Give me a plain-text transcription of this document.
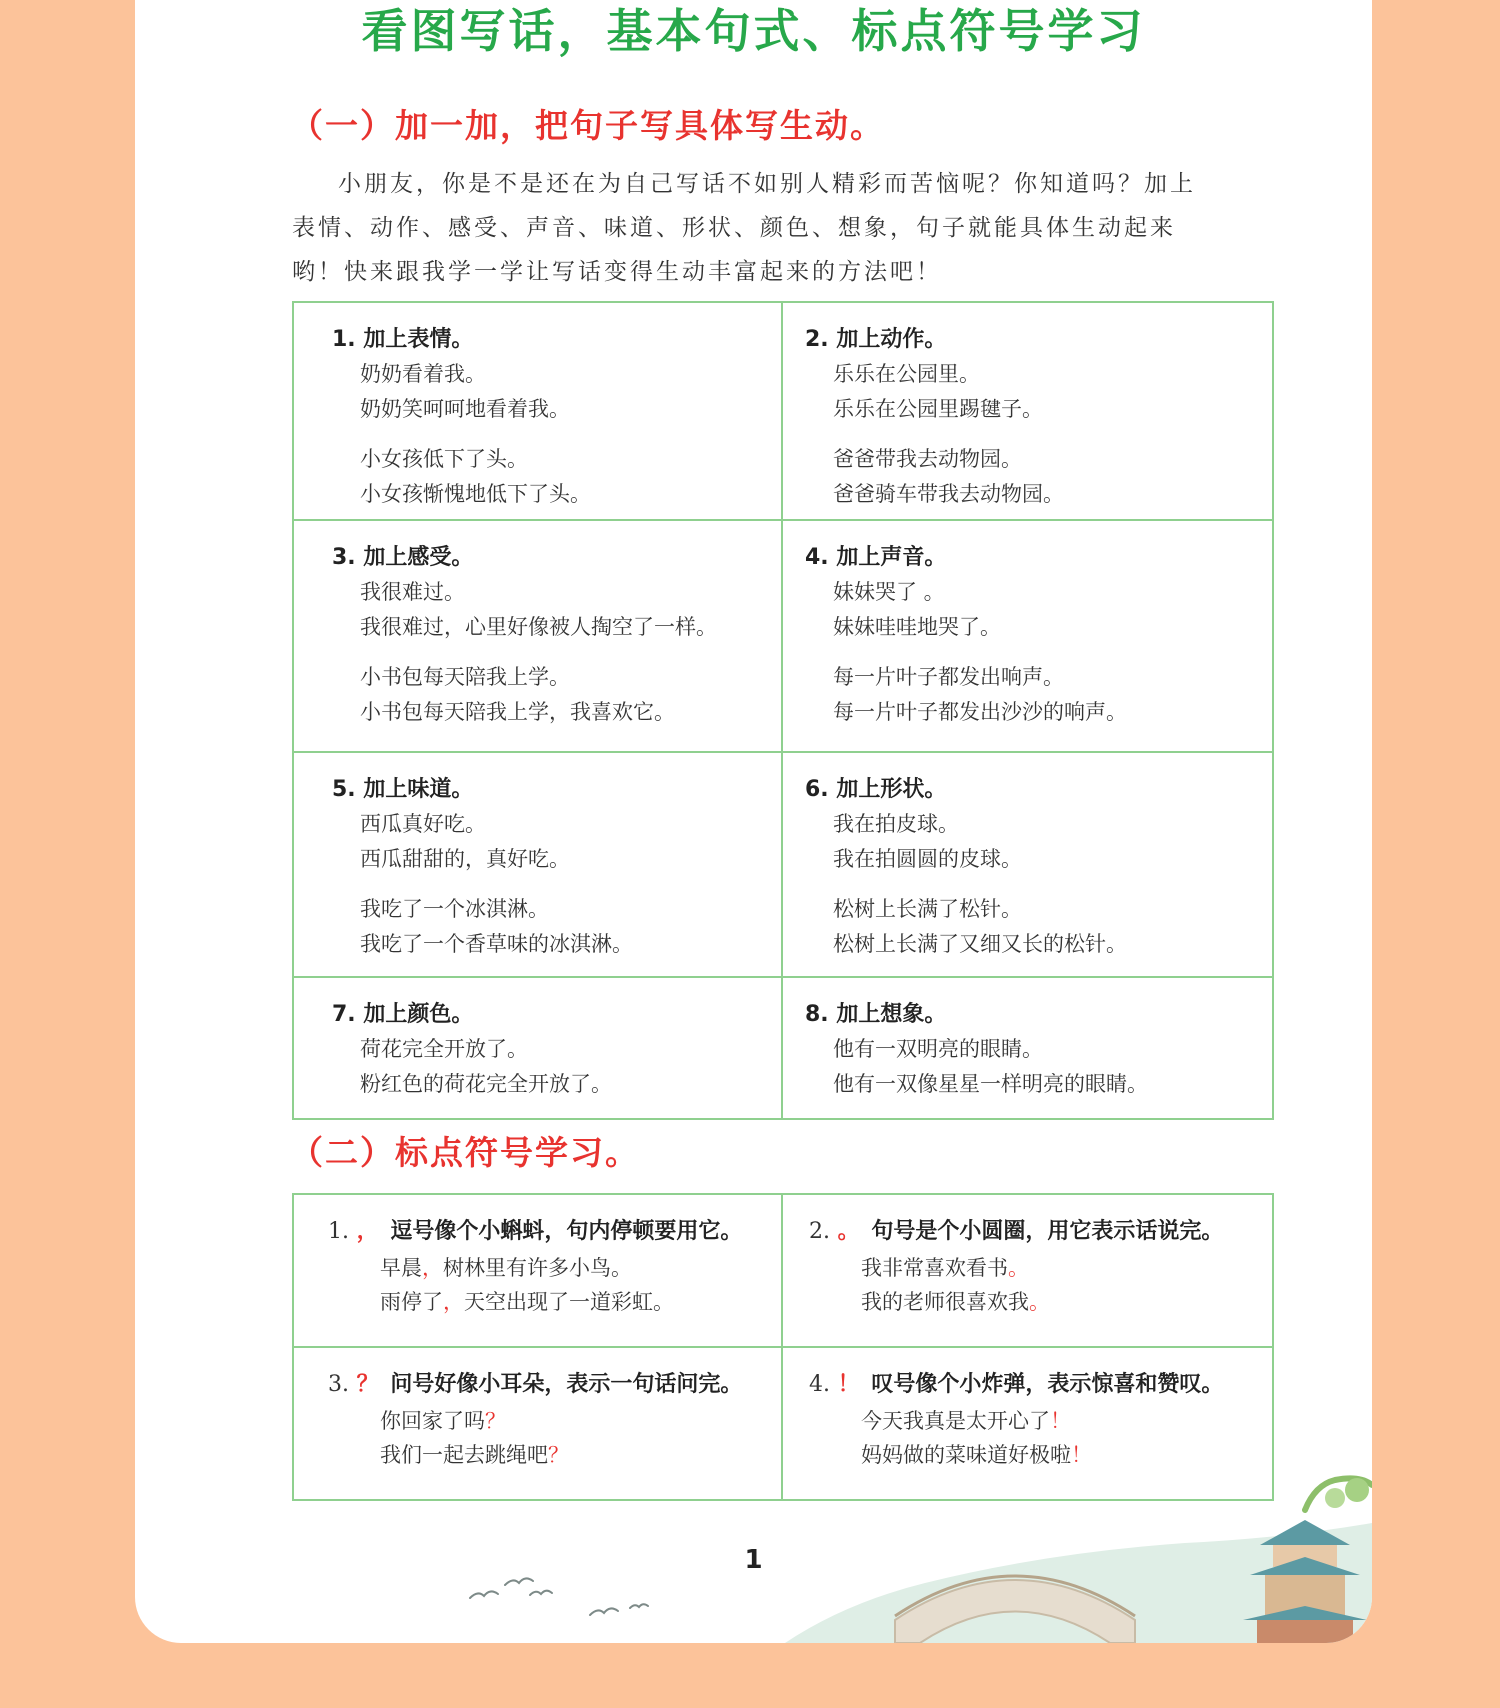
看图写话，基本句式、标点符号学习
（一）加一加，把句子写具体写生动。

小朋友，你是不是还在为自己写话不如别人精彩而苦恼呢？你知道吗？加上表情、动作、感受、声音、味道、形状、颜色、想象，句子就能具体生动起来哟！快来跟我学一学让写话变得生动丰富起来的方法吧！

1. 加上表情。
奶奶看着我。
奶奶笑呵呵地看着我。
小女孩低下了头。
小女孩惭愧地低下了头。
2. 加上动作。
乐乐在公园里。
乐乐在公园里踢毽子。
爸爸带我去动物园。
爸爸骑车带我去动物园。
3. 加上感受。
我很难过。
我很难过，心里好像被人掏空了一样。
小书包每天陪我上学。
小书包每天陪我上学，我喜欢它。
4. 加上声音。
妹妹哭了 。
妹妹哇哇地哭了。
每一片叶子都发出响声。
每一片叶子都发出沙沙的响声。
5. 加上味道。
西瓜真好吃。
西瓜甜甜的，真好吃。
我吃了一个冰淇淋。
我吃了一个香草味的冰淇淋。
6. 加上形状。
我在拍皮球。
我在拍圆圆的皮球。
松树上长满了松针。
松树上长满了又细又长的松针。
7. 加上颜色。
荷花完全开放了。
粉红色的荷花完全开放了。
8. 加上想象。
他有一双明亮的眼睛。
他有一双像星星一样明亮的眼睛。
（二）标点符号学习。
1. ， 逗号像个小蝌蚪，句内停顿要用它。
早晨，树林里有许多小鸟。
雨停了，天空出现了一道彩虹。
2. 。 句号是个小圆圈，用它表示话说完。
我非常喜欢看书。
我的老师很喜欢我。
3. ？ 问号好像小耳朵，表示一句话问完。
你回家了吗？
我们一起去跳绳吧？
4. ！ 叹号像个小炸弹，表示惊喜和赞叹。
今天我真是太开心了！
妈妈做的菜味道好极啦！
1
